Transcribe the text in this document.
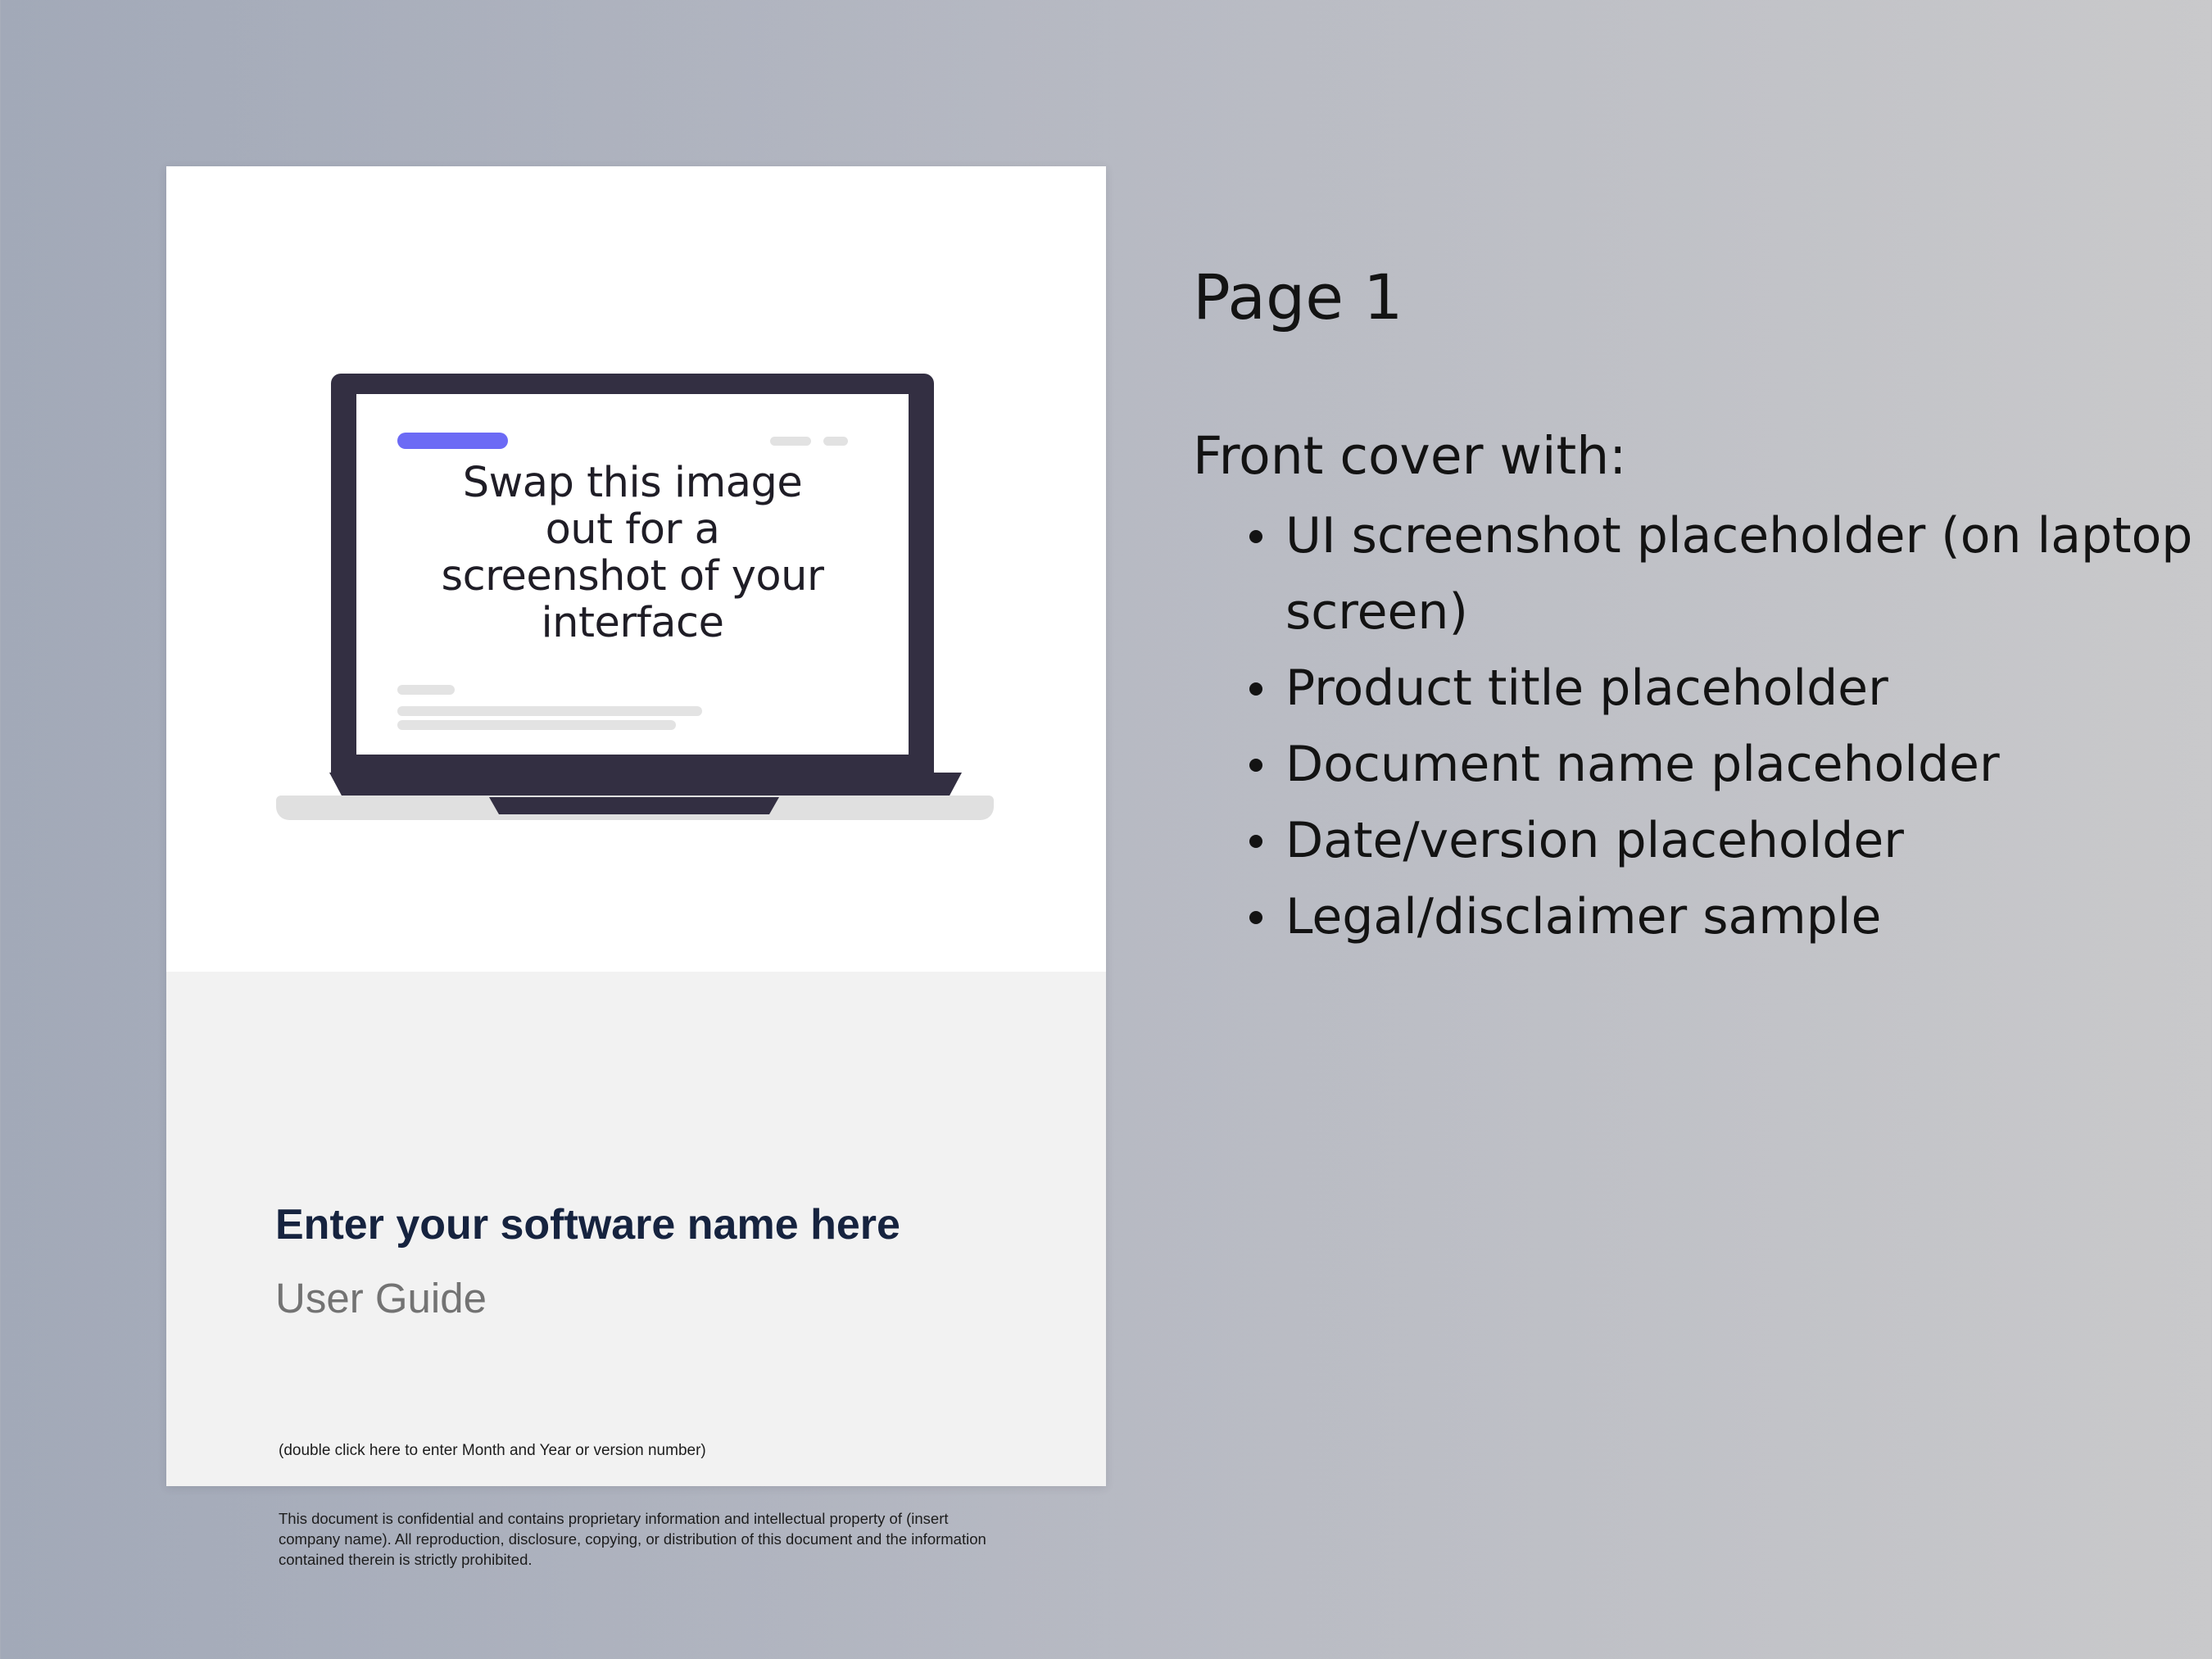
Swap this image out for a screenshot of your interface
Enter your software name here
User Guide
(double click here to enter Month and Year or version number)
This document is confidential and contains proprietary information and intellectual property of (insert company name). All reproduction, disclosure, copying, or distribution of this document and the information contained therein is strictly prohibited.
Page 1
Front cover with:
UI screenshot placeholder (on laptop screen)
Product title placeholder
Document name placeholder
Date/version placeholder
Legal/disclaimer sample
